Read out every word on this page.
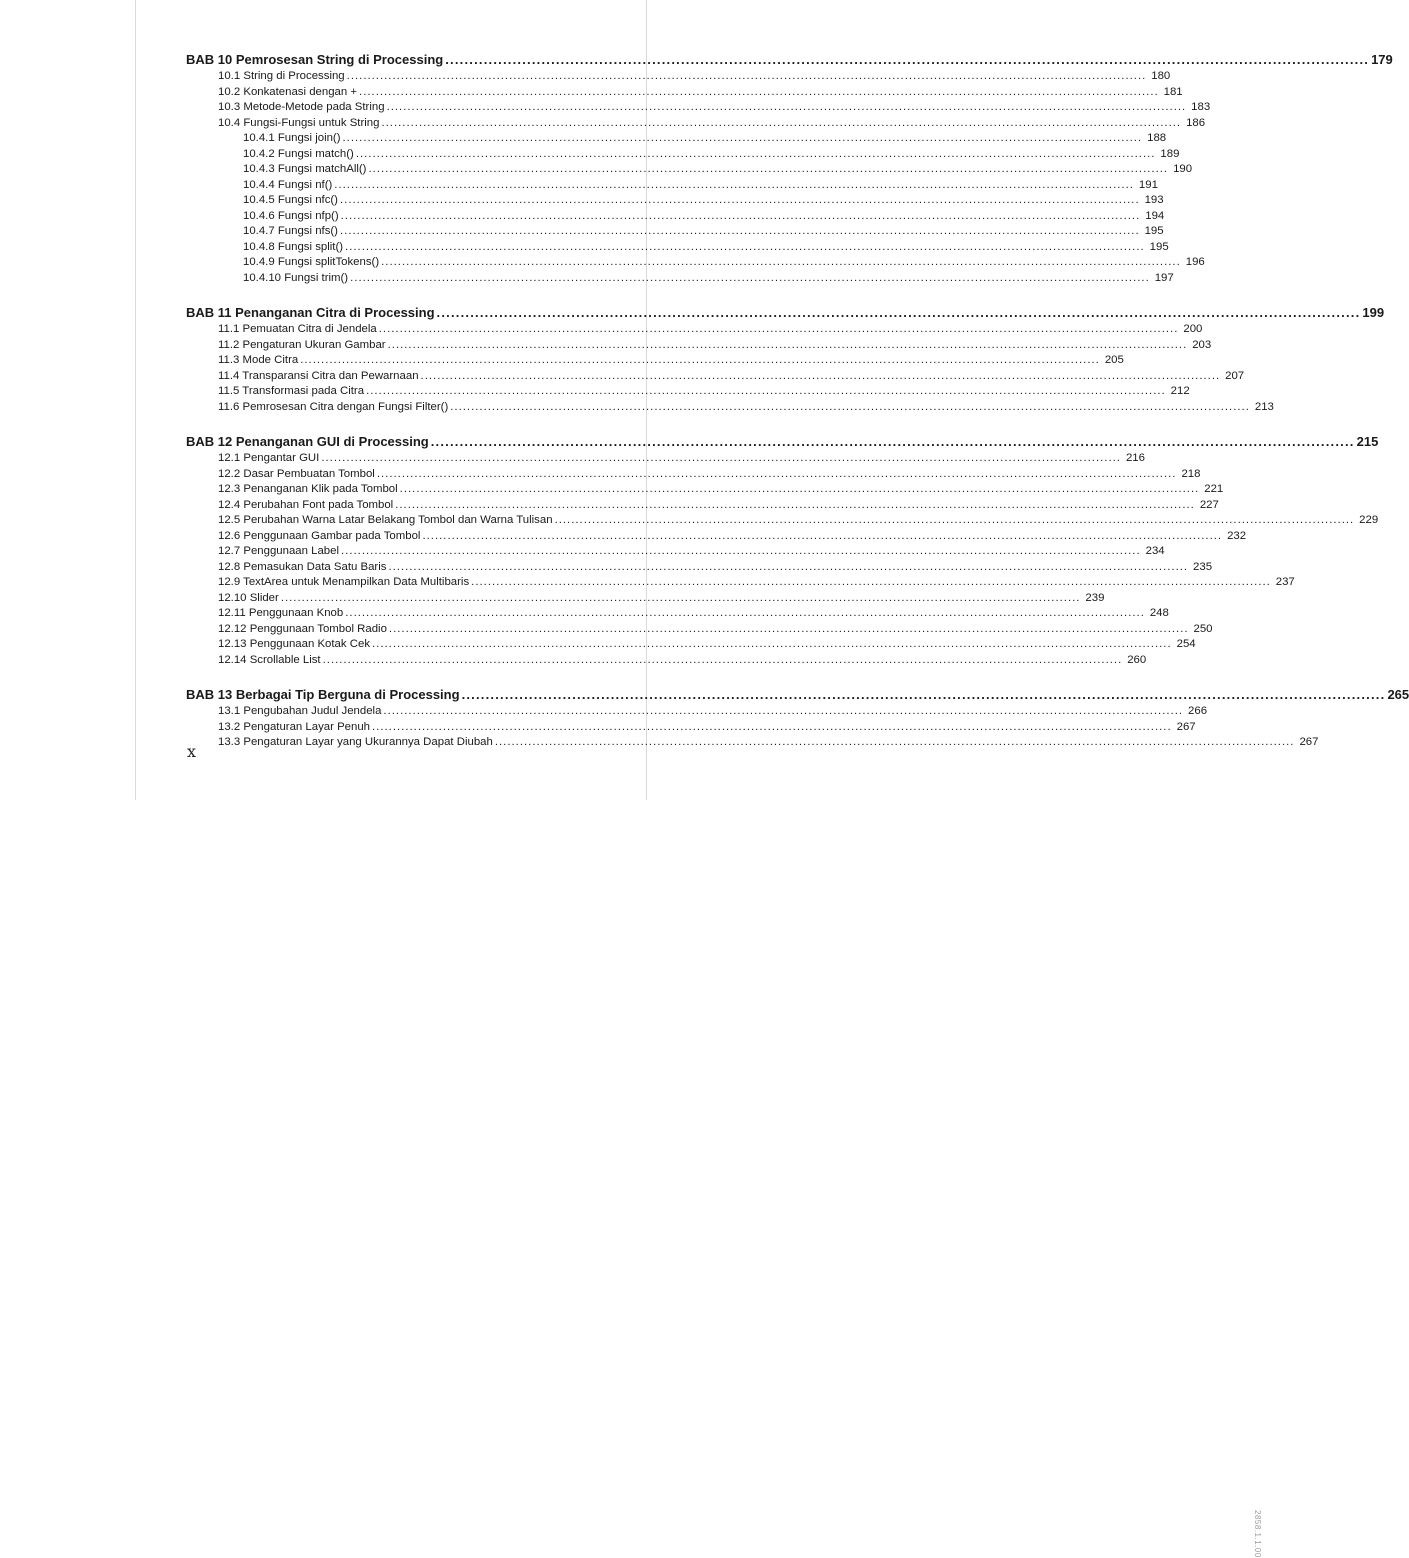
BAB 10 Pemrosesan String di Processing .....	179
10.1 String di Processing .....	180
10.2 Konkatenasi dengan + .....	181
10.3 Metode-Metode pada String .....	183
10.4 Fungsi-Fungsi untuk String .....	186
10.4.1 Fungsi join() .....	188
10.4.2 Fungsi match() .....	189
10.4.3 Fungsi matchAll() .....	190
10.4.4 Fungsi nf() .....	191
10.4.5 Fungsi nfc() .....	193
10.4.6 Fungsi nfp() .....	194
10.4.7 Fungsi nfs() .....	195
10.4.8 Fungsi split() .....	195
10.4.9 Fungsi splitTokens() .....	196
10.4.10 Fungsi trim() .....	197
BAB 11 Penanganan Citra di Processing .....	199
11.1 Pemuatan Citra di Jendela .....	200
11.2 Pengaturan Ukuran Gambar .....	203
11.3 Mode Citra .....	205
11.4 Transparansi Citra dan Pewarnaan .....	207
11.5 Transformasi pada Citra .....	212
11.6 Pemrosesan Citra dengan Fungsi Filter() .....	213
BAB 12 Penanganan GUI di Processing .....	215
12.1 Pengantar GUI .....	216
12.2 Dasar Pembuatan Tombol .....	218
12.3 Penanganan Klik pada Tombol .....	221
12.4 Perubahan Font pada Tombol .....	227
12.5 Perubahan Warna Latar Belakang Tombol dan Warna Tulisan .....	229
12.6 Penggunaan Gambar pada Tombol .....	232
12.7 Penggunaan Label .....	234
12.8 Pemasukan Data Satu Baris .....	235
12.9 TextArea untuk Menampilkan Data Multibaris .....	237
12.10 Slider .....	239
12.11 Penggunaan Knob .....	248
12.12 Penggunaan Tombol Radio .....	250
12.13 Penggunaan Kotak Cek .....	254
12.14 Scrollable List .....	260
BAB 13 Berbagai Tip Berguna di Processing .....	265
13.1 Pengubahan Judul Jendela .....	266
13.2 Pengaturan Layar Penuh .....	267
13.3 Pengaturan Layar yang Ukurannya Dapat Diubah .....	267
x
2858.1.1.00
